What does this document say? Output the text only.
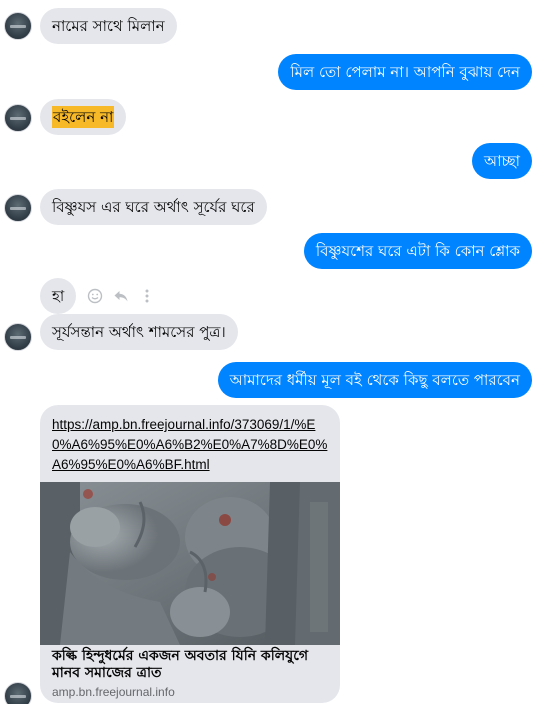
নামের সাথে মিলান
মিল তো পেলাম না। আপনি বুঝায় দেন
বইলেন না
আচ্ছা
বিষ্ণুযস এর ঘরে অর্থাৎ সূর্যের ঘরে
বিষ্ণুযশের ঘরে এটা কি কোন শ্লোক
হা
সূর্যসন্তান অর্থাৎ শামসের পুত্র।
আমাদের ধর্মীয় মূল বই থেকে কিছু বলতে পারবেন
https://amp.bn.freejournal.info/373069/1/%E0%A6%95%E0%A6%B2%E0%A7%8D%E0%A6%95%E0%A6%BF.html
কল্কি হিন্দুধর্মের একজন অবতার যিনি কলিযুগে মানব সমাজের ত্রাত
amp.bn.freejournal.info
